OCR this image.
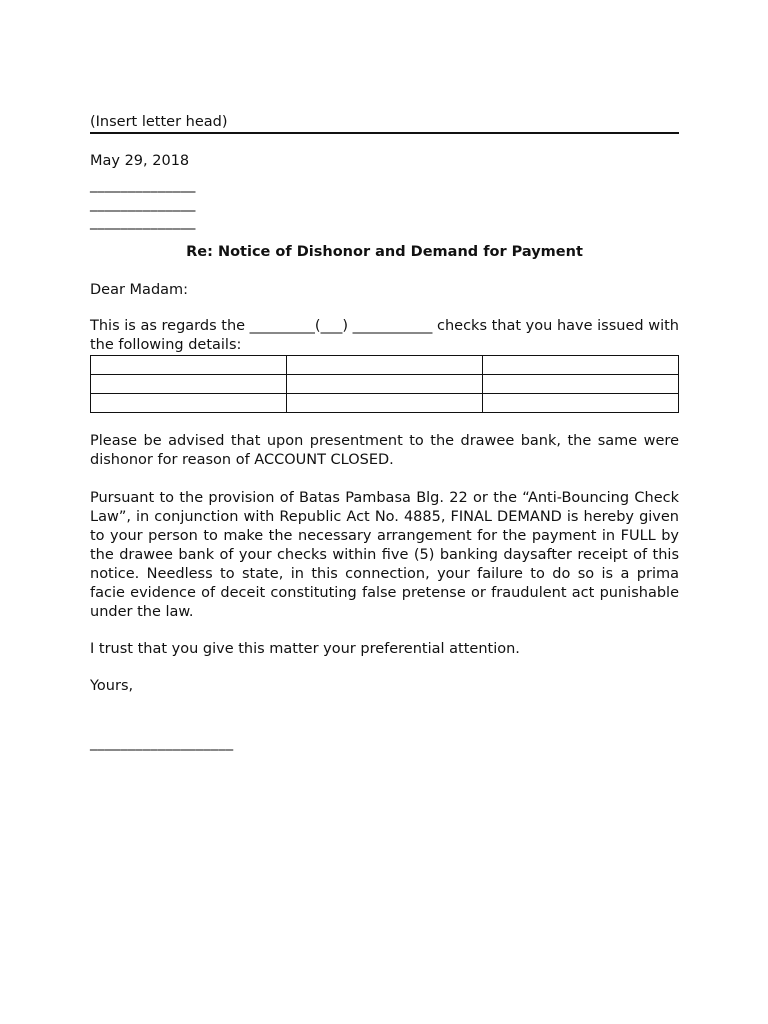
(Insert letter head)
May 29, 2018
______________
______________
______________
Re: Notice of Dishonor and Demand for Payment
Dear Madam:

This is as regards the _________(___) ___________ checks that you have issued with the following details:

Please be advised that upon presentment to the drawee bank, the same were dishonor for reason of ACCOUNT CLOSED.

Pursuant to the provision of Batas Pambasa Blg. 22 or the “Anti-Bouncing Check Law”, in conjunction with Republic Act No. 4885, FINAL DEMAND is hereby given to your person to make the necessary arrangement for the payment in FULL by the drawee bank of your checks within five (5) banking daysafter receipt of this notice. Needless to state, in this connection, your failure to do so is a prima facie evidence of deceit constituting false pretense or fraudulent act punishable under the law.

I trust that you give this matter your preferential attention.

Yours,
___________________
